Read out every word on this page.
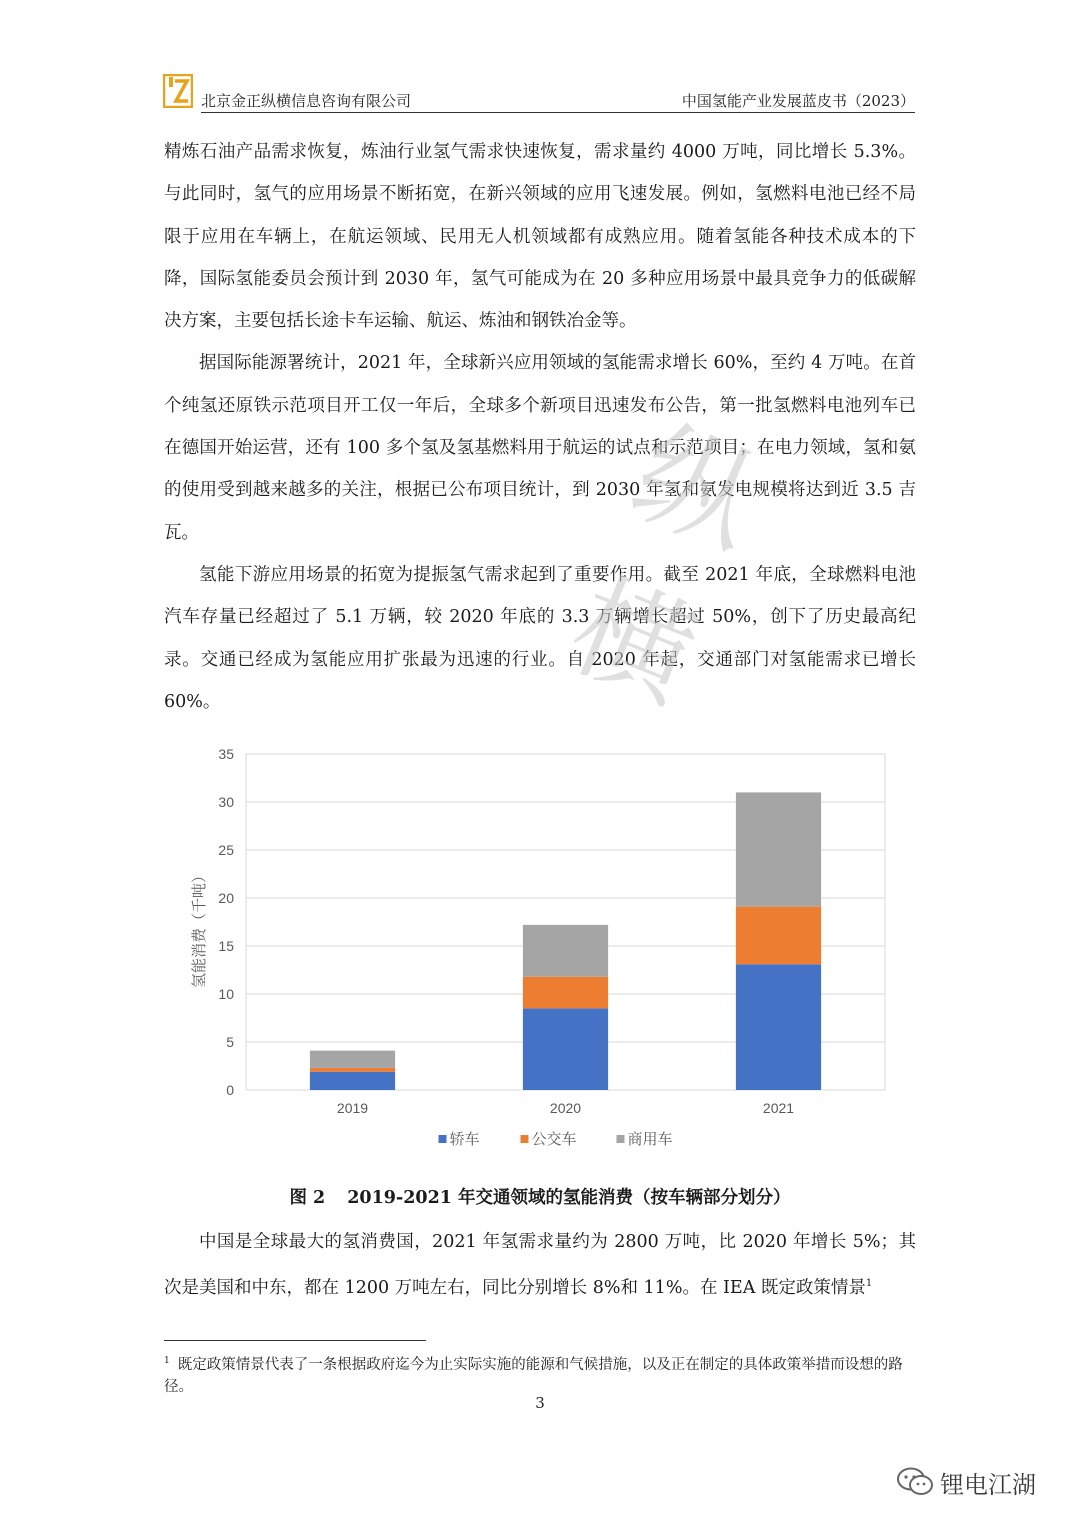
北京金正纵横信息咨询有限公司	中国氢能产业发展蓝皮书（2023）

精炼石油产品需求恢复，炼油行业氢气需求快速恢复，需求量约 4000 万吨，同比增长 5.3%。与此同时，氢气的应用场景不断拓宽，在新兴领域的应用飞速发展。例如，氢燃料电池已经不局限于应用在车辆上，在航运领域、民用无人机领域都有成熟应用。随着氢能各种技术成本的下降，国际氢能委员会预计到 2030 年，氢气可能成为在 20 多种应用场景中最具竞争力的低碳解决方案，主要包括长途卡车运输、航运、炼油和钢铁冶金等。

据国际能源署统计，2021 年，全球新兴应用领域的氢能需求增长 60%，至约 4 万吨。在首个纯氢还原铁示范项目开工仅一年后，全球多个新项目迅速发布公告，第一批氢燃料电池列车已在德国开始运营，还有 100 多个氢及氢基燃料用于航运的试点和示范项目；在电力领域，氢和氨的使用受到越来越多的关注，根据已公布项目统计，到 2030 年氢和氨发电规模将达到近 3.5 吉瓦。

氢能下游应用场景的拓宽为提振氢气需求起到了重要作用。截至 2021 年底，全球燃料电池汽车存量已经超过了 5.1 万辆，较 2020 年底的 3.3 万辆增长超过 50%，创下了历史最高纪录。交通已经成为氢能应用扩张最为迅速的行业。自 2020 年起，交通部门对氢能需求已增长 60%。

纵 横
0
5
10
15
20
25
30
35
2019	2020	2021
氢能消费（千吨）
轿车	公交车	商用车
图 2 2019-2021 年交通领域的氢能消费（按车辆部分划分）

中国是全球最大的氢消费国，2021 年氢需求量约为 2800 万吨，比 2020 年增长 5%；其次是美国和中东，都在 1200 万吨左右，同比分别增长 8%和 11%。在 IEA 既定政策情景$^1$

$^1$ 既定政策情景代表了一条根据政府迄今为止实际实施的能源和气候措施，以及正在制定的具体政策举措而设想的路径。
3
锂电江湖
